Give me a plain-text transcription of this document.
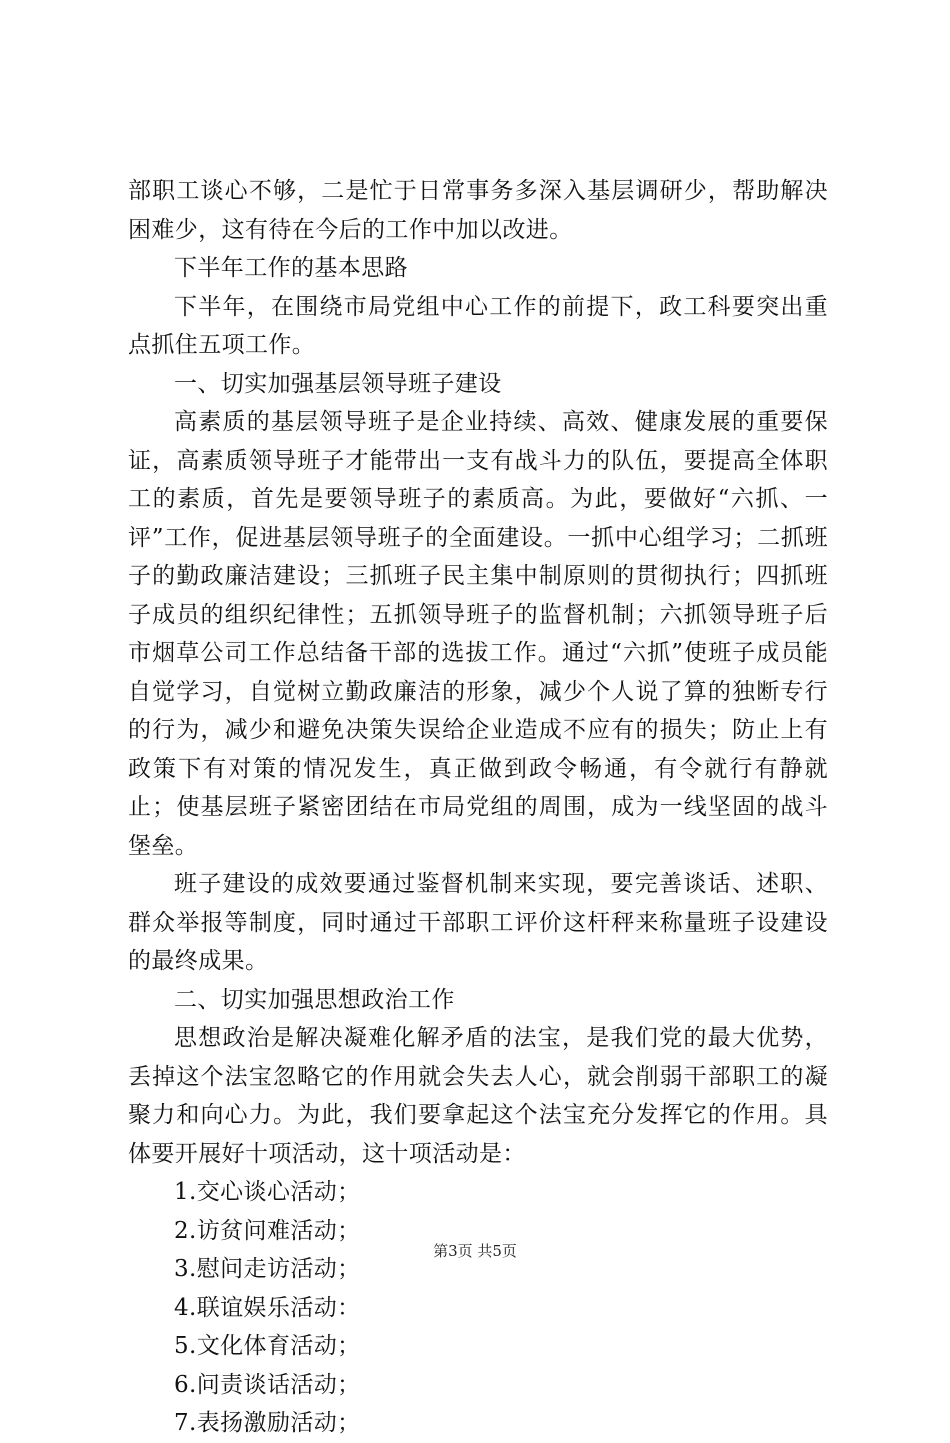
部职工谈心不够，二是忙于日常事务多深入基层调研少，帮助解决困难少，这有待在今后的工作中加以改进。

下半年工作的基本思路

下半年，在围绕市局党组中心工作的前提下，政工科要突出重点抓住五项工作。

一、切实加强基层领导班子建设

高素质的基层领导班子是企业持续、高效、健康发展的重要保证，高素质领导班子才能带出一支有战斗力的队伍，要提高全体职工的素质，首先是要领导班子的素质高。为此，要做好“六抓、一评”工作，促进基层领导班子的全面建设。一抓中心组学习；二抓班子的勤政廉洁建设；三抓班子民主集中制原则的贯彻执行；四抓班子成员的组织纪律性；五抓领导班子的监督机制；六抓领导班子后市烟草公司工作总结备干部的选拔工作。通过“六抓”使班子成员能自觉学习，自觉树立勤政廉洁的形象，减少个人说了算的独断专行的行为，减少和避免决策失误给企业造成不应有的损失；防止上有政策下有对策的情况发生，真正做到政令畅通，有令就行有静就止；使基层班子紧密团结在市局党组的周围，成为一线坚固的战斗堡垒。

班子建设的成效要通过鉴督机制来实现，要完善谈话、述职、群众举报等制度，同时通过干部职工评价这杆秤来称量班子设建设的最终成果。

二、切实加强思想政治工作

思想政治是解决凝难化解矛盾的法宝，是我们党的最大优势，丢掉这个法宝忽略它的作用就会失去人心，就会削弱干部职工的凝聚力和向心力。为此，我们要拿起这个法宝充分发挥它的作用。具体要开展好十项活动，这十项活动是：

1.交心谈心活动；

2.访贫问难活动；

3.慰问走访活动；

4.联谊娱乐活动：

5.文化体育活动；

6.问责谈话活动；

7.表扬激励活动；

第3页 共5页
